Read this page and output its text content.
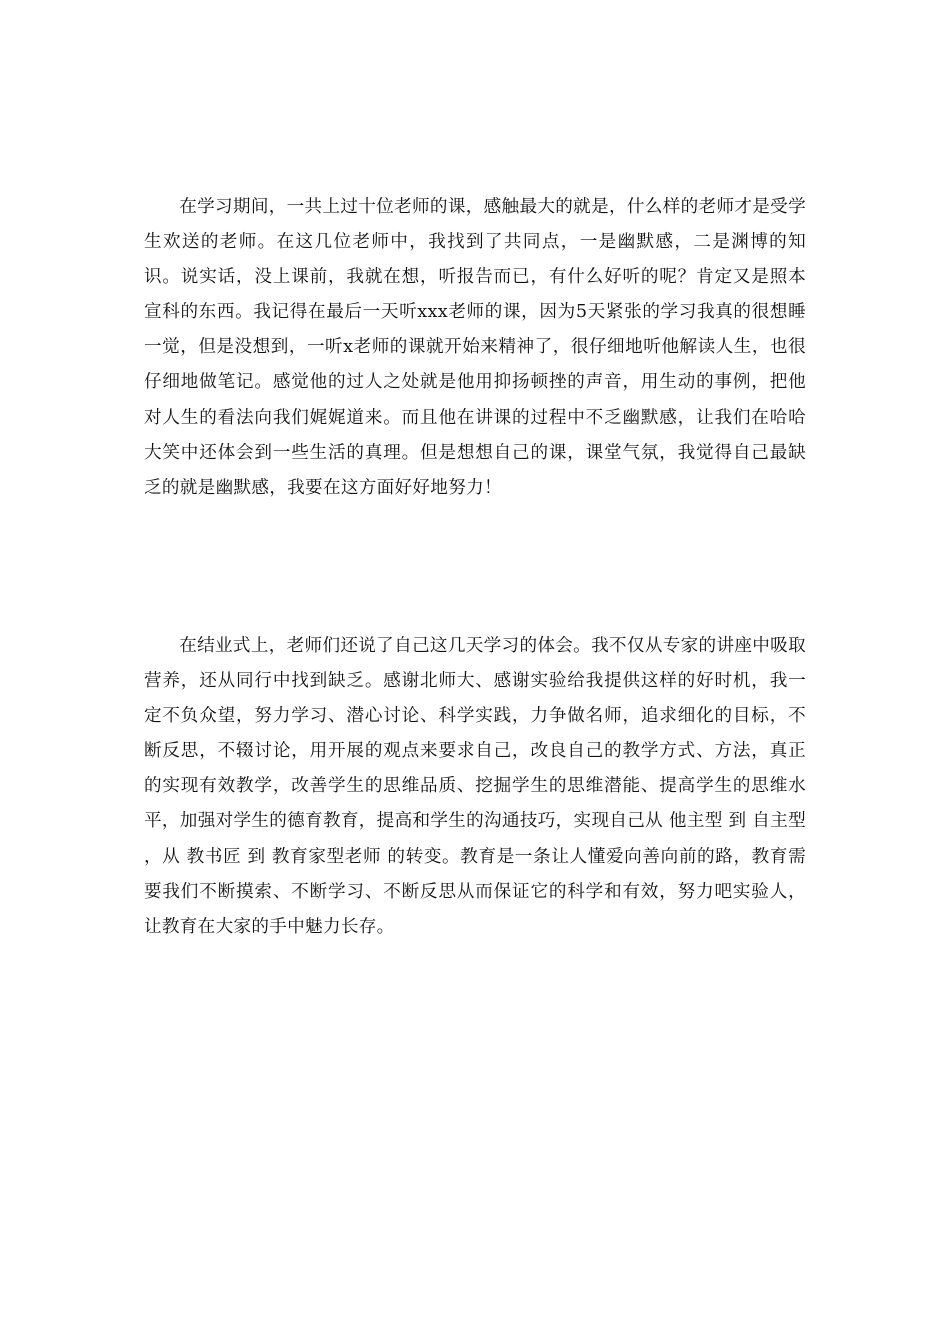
在学习期间，一共上过十位老师的课，感触最大的就是，什么样的老师才是受学生欢送的老师。在这几位老师中，我找到了共同点，一是幽默感，二是渊博的知识。说实话，没上课前，我就在想，听报告而已，有什么好听的呢？肯定又是照本宣科的东西。我记得在最后一天听xxx老师的课，因为5天紧张的学习我真的很想睡一觉，但是没想到，一听x老师的课就开始来精神了，很仔细地听他解读人生，也很仔细地做笔记。感觉他的过人之处就是他用抑扬顿挫的声音，用生动的事例，把他对人生的看法向我们娓娓道来。而且他在讲课的过程中不乏幽默感，让我们在哈哈大笑中还体会到一些生活的真理。但是想想自己的课，课堂气氛，我觉得自己最缺乏的就是幽默感，我要在这方面好好地努力！

在结业式上，老师们还说了自己这几天学习的体会。我不仅从专家的讲座中吸取营养，还从同行中找到缺乏。感谢北师大、感谢实验给我提供这样的好时机，我一定不负众望，努力学习、潜心讨论、科学实践，力争做名师，追求细化的目标，不断反思，不辍讨论，用开展的观点来要求自己，改良自己的教学方式、方法，真正的实现有效教学，改善学生的思维品质、挖掘学生的思维潜能、提高学生的思维水平，加强对学生的德育教育，提高和学生的沟通技巧，实现自己从 他主型 到 自主型 ，从 教书匠 到 教育家型老师 的转变。教育是一条让人懂爱向善向前的路，教育需要我们不断摸索、不断学习、不断反思从而保证它的科学和有效，努力吧实验人，让教育在大家的手中魅力长存。
